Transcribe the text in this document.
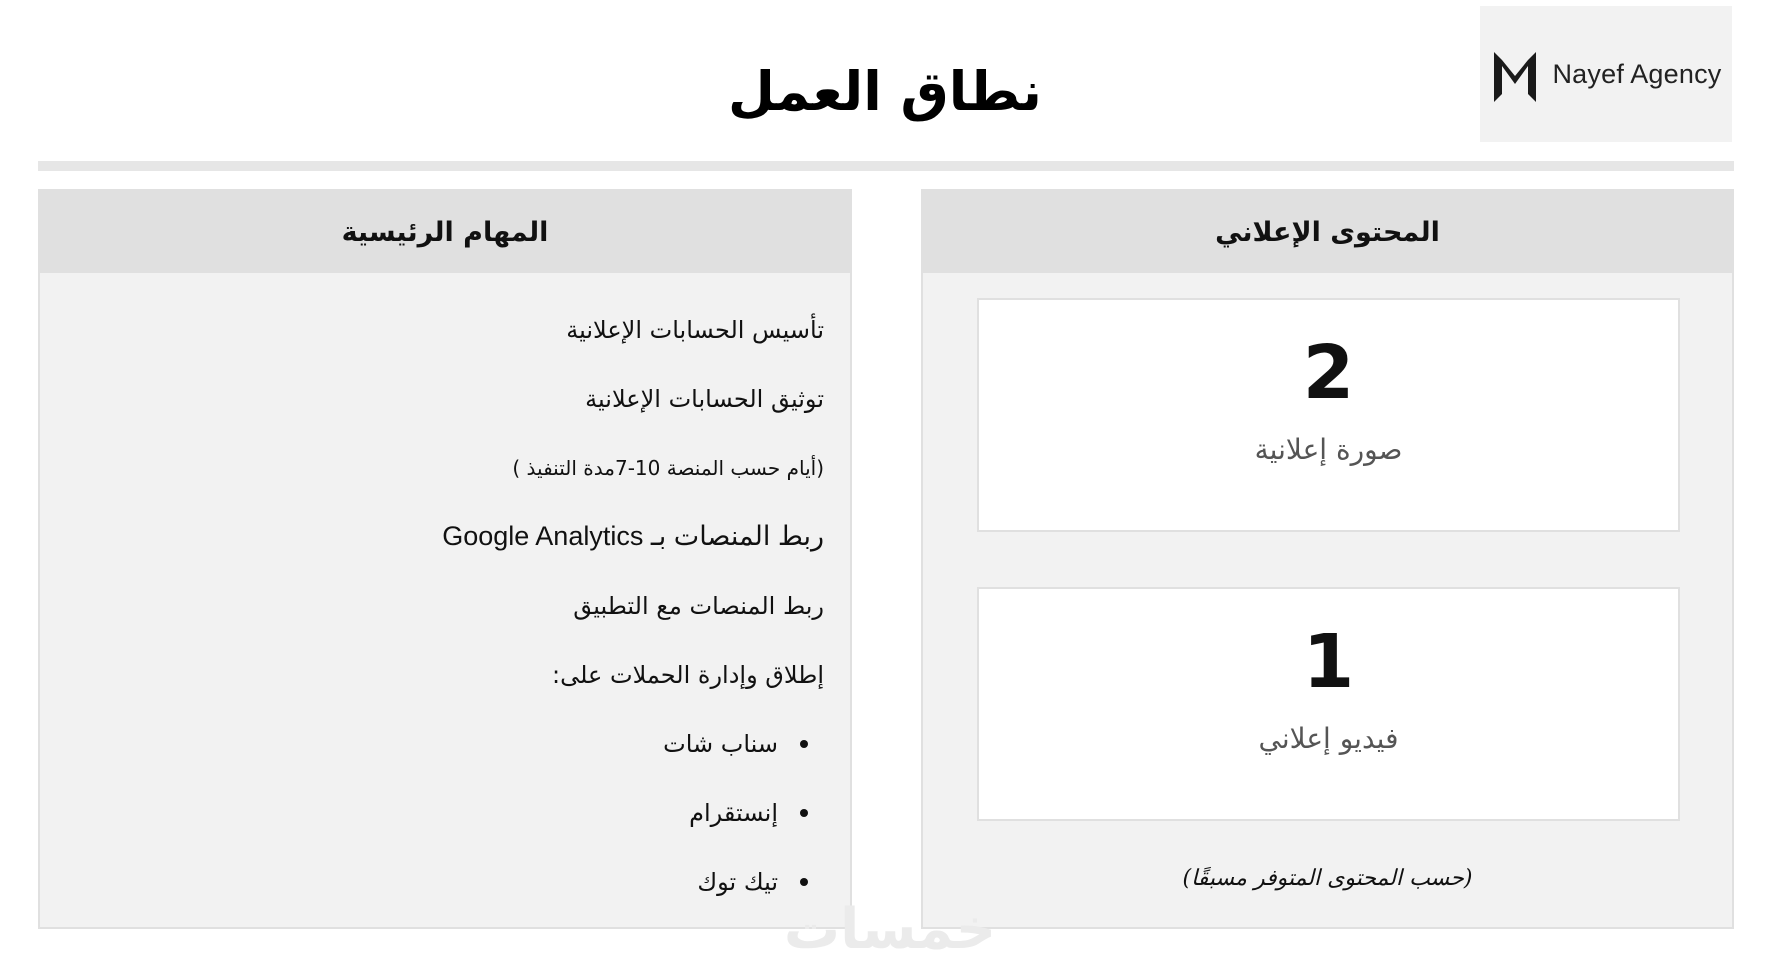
Nayef Agency
نطاق العمل
المهام الرئيسية
تأسيس الحسابات الإعلانية
توثيق الحسابات الإعلانية
(أيام حسب المنصة 10-7مدة التنفيذ )
ربط المنصات بـ Google Analytics
ربط المنصات مع التطبيق
إطلاق وإدارة الحملات على:
سناب شات
إنستقرام
تيك توك
المحتوى الإعلاني
2
صورة إعلانية
1
فيديو إعلاني
(حسب المحتوى المتوفر مسبقًا)
خمسات
